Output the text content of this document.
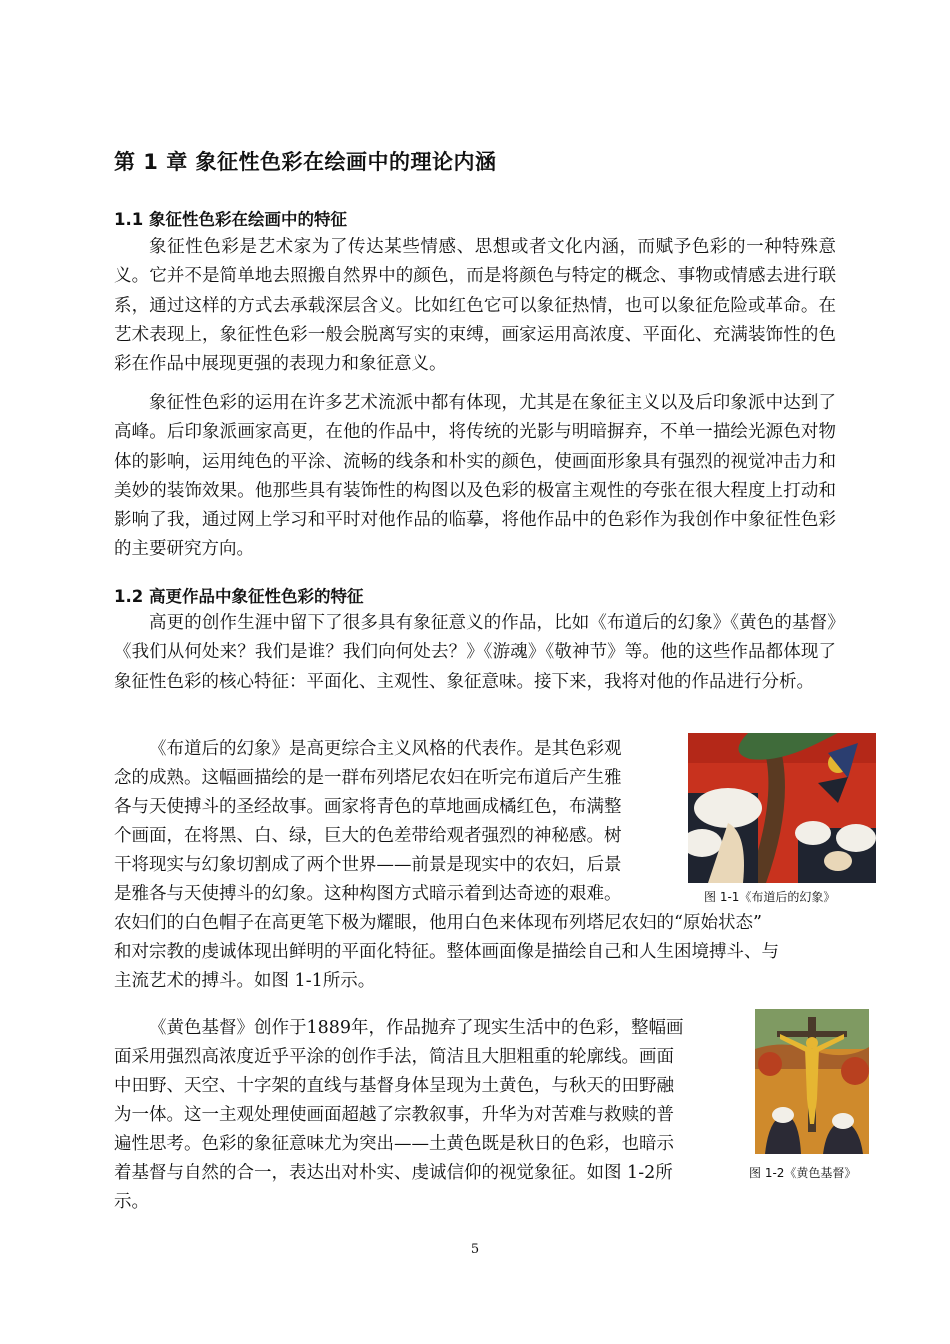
第 1 章 象征性色彩在绘画中的理论内涵
1.1 象征性色彩在绘画中的特征

象征性色彩是艺术家为了传达某些情感、思想或者文化内涵，而赋予色彩的一种特殊意义。它并不是简单地去照搬自然界中的颜色，而是将颜色与特定的概念、事物或情感去进行联系，通过这样的方式去承载深层含义。比如红色它可以象征热情，也可以象征危险或革命。在艺术表现上，象征性色彩一般会脱离写实的束缚，画家运用高浓度、平面化、充满装饰性的色彩在作品中展现更强的表现力和象征意义。

象征性色彩的运用在许多艺术流派中都有体现，尤其是在象征主义以及后印象派中达到了高峰。后印象派画家高更，在他的作品中，将传统的光影与明暗摒弃，不单一描绘光源色对物体的影响，运用纯色的平涂、流畅的线条和朴实的颜色，使画面形象具有强烈的视觉冲击力和美妙的装饰效果。他那些具有装饰性的构图以及色彩的极富主观性的夸张在很大程度上打动和影响了我，通过网上学习和平时对他作品的临摹，将他作品中的色彩作为我创作中象征性色彩的主要研究方向。

1.2 高更作品中象征性色彩的特征

高更的创作生涯中留下了很多具有象征意义的作品，比如《布道后的幻象》《黄色的基督》《我们从何处来？我们是谁？我们向何处去？》《游魂》《敬神节》等。他的这些作品都体现了象征性色彩的核心特征：平面化、主观性、象征意味。接下来，我将对他的作品进行分析。

《布道后的幻象》是高更综合主义风格的代表作。是其色彩观
念的成熟。这幅画描绘的是一群布列塔尼农妇在听完布道后产生雅
各与天使搏斗的圣经故事。画家将青色的草地画成橘红色，布满整
个画面，在将黑、白、绿，巨大的色差带给观者强烈的神秘感。树
干将现实与幻象切割成了两个世界——前景是现实中的农妇，后景
是雅各与天使搏斗的幻象。这种构图方式暗示着到达奇迹的艰难。
农妇们的白色帽子在高更笔下极为耀眼，他用白色来体现布列塔尼农妇的“原始状态”
和对宗教的虔诚体现出鲜明的平面化特征。整体画面像是描绘自己和人生困境搏斗、与
主流艺术的搏斗。如图 1-1所示。
图 1-1《布道后的幻象》
《黄色基督》创作于1889年，作品抛弃了现实生活中的色彩，整幅画
面采用强烈高浓度近乎平涂的创作手法，简洁且大胆粗重的轮廓线。画面
中田野、天空、十字架的直线与基督身体呈现为土黄色，与秋天的田野融
为一体。这一主观处理使画面超越了宗教叙事，升华为对苦难与救赎的普
遍性思考。色彩的象征意味尤为突出——土黄色既是秋日的色彩，也暗示
着基督与自然的合一，表达出对朴实、虔诚信仰的视觉象征。如图 1-2所
示。
图 1-2《黄色基督》
5
